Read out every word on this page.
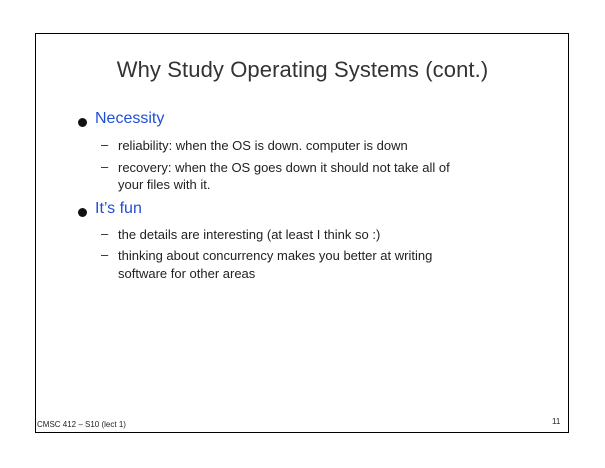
Why Study Operating Systems (cont.)
Necessity
– reliability: when the OS is down. computer is down
– recovery: when the OS goes down it should not take all of
your files with it.
It’s fun
– the details are interesting (at least I think so :)
– thinking about concurrency makes you better at writing
software for other areas
CMSC 412 – S10 (lect 1)	11
